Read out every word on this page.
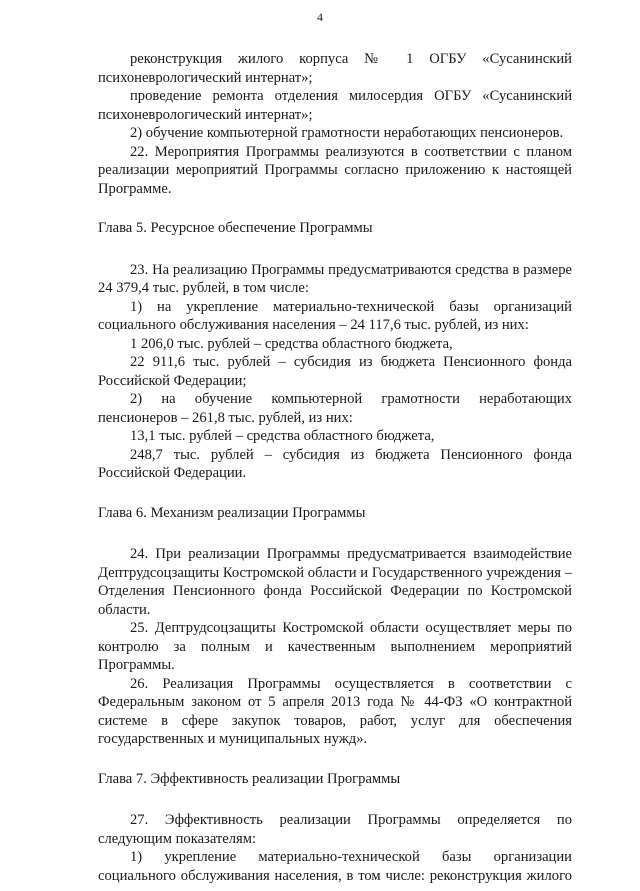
4

реконструкция жилого корпуса № 1 ОГБУ «Сусанинский психоневрологический интернат»;

проведение ремонта отделения милосердия ОГБУ «Сусанинский психоневрологический интернат»;

2) обучение компьютерной грамотности неработающих пенсионеров.

22. Мероприятия Программы реализуются в соответствии с планом реализации мероприятий Программы согласно приложению к настоящей Программе.

Глава 5. Ресурсное обеспечение Программы

23. На реализацию Программы предусматриваются средства в размере 24 379,4 тыс. рублей, в том числе:

1) на укрепление материально-технической базы организаций социального обслуживания населения – 24 117,6 тыс. рублей, из них:

1 206,0 тыс. рублей – средства областного бюджета,

22 911,6 тыс. рублей – субсидия из бюджета Пенсионного фонда Российской Федерации;

2) на обучение компьютерной грамотности неработающих пенсионеров – 261,8 тыс. рублей, из них:

13,1 тыс. рублей – средства областного бюджета,

248,7 тыс. рублей – субсидия из бюджета Пенсионного фонда Российской Федерации.

Глава 6. Механизм реализации Программы

24. При реализации Программы предусматривается взаимодействие Дептрудсоцзащиты Костромской области и Государственного учреждения – Отделения Пенсионного фонда Российской Федерации по Костромской области.

25. Дептрудсоцзащиты Костромской области осуществляет меры по контролю за полным и качественным выполнением мероприятий Программы.

26. Реализация Программы осуществляется в соответствии с Федеральным законом от 5 апреля 2013 года № 44-ФЗ «О контрактной системе в сфере закупок товаров, работ, услуг для обеспечения государственных и муниципальных нужд».

Глава 7. Эффективность реализации Программы

27. Эффективность реализации Программы определяется по следующим показателям:

1) укрепление материально-технической базы организации социального обслуживания населения, в том числе: реконструкция жилого
